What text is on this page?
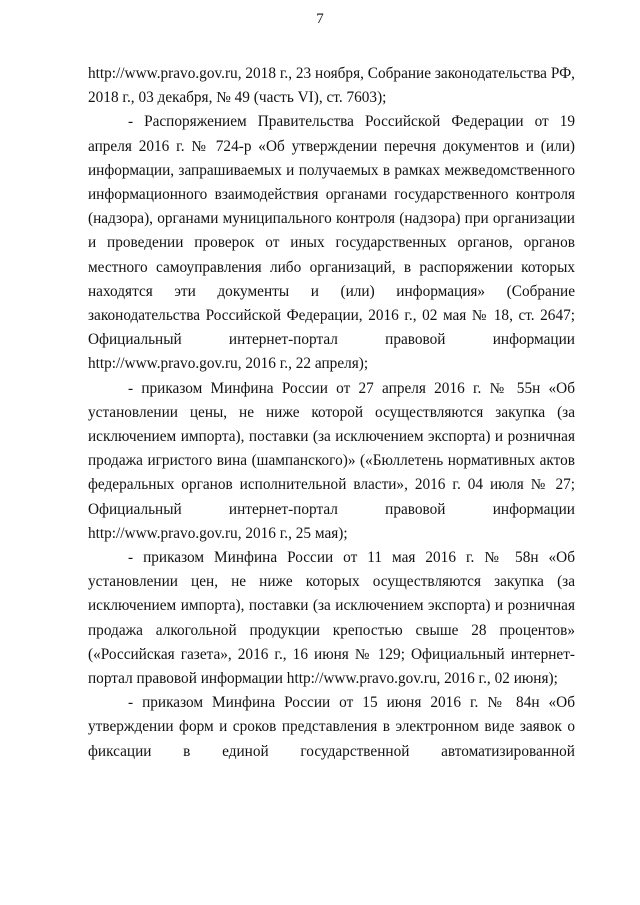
7

http://www.pravo.gov.ru, 2018 г., 23 ноября, Собрание законодательства РФ, 2018 г., 03 декабря, № 49 (часть VI), ст. 7603);

- Распоряжением Правительства Российской Федерации от 19 апреля 2016 г. № 724-р «Об утверждении перечня документов и (или) информации, запрашиваемых и получаемых в рамках межведомственного информационного взаимодействия органами государственного контроля (надзора), органами муниципального контроля (надзора) при организации и проведении проверок от иных государственных органов, органов местного самоуправления либо организаций, в распоряжении которых находятся эти документы и (или) информация» (Собрание законодательства Российской Федерации, 2016 г., 02 мая № 18, ст. 2647; Официальный интернет-портал правовой информации http://www.pravo.gov.ru, 2016 г., 22 апреля);

- приказом Минфина России от 27 апреля 2016 г. № 55н «Об установлении цены, не ниже которой осуществляются закупка (за исключением импорта), поставки (за исключением экспорта) и розничная продажа игристого вина (шампанского)» («Бюллетень нормативных актов федеральных органов исполнительной власти», 2016 г. 04 июля № 27; Официальный интернет-портал правовой информации http://www.pravo.gov.ru, 2016 г., 25 мая);

- приказом Минфина России от 11 мая 2016 г. № 58н «Об установлении цен, не ниже которых осуществляются закупка (за исключением импорта), поставки (за исключением экспорта) и розничная продажа алкогольной продукции крепостью свыше 28 процентов» («Российская газета», 2016 г., 16 июня № 129; Официальный интернет-портал правовой информации http://www.pravo.gov.ru, 2016 г., 02 июня);

- приказом Минфина России от 15 июня 2016 г. № 84н «Об утверждении форм и сроков представления в электронном виде заявок о фиксации в единой государственной автоматизированной
